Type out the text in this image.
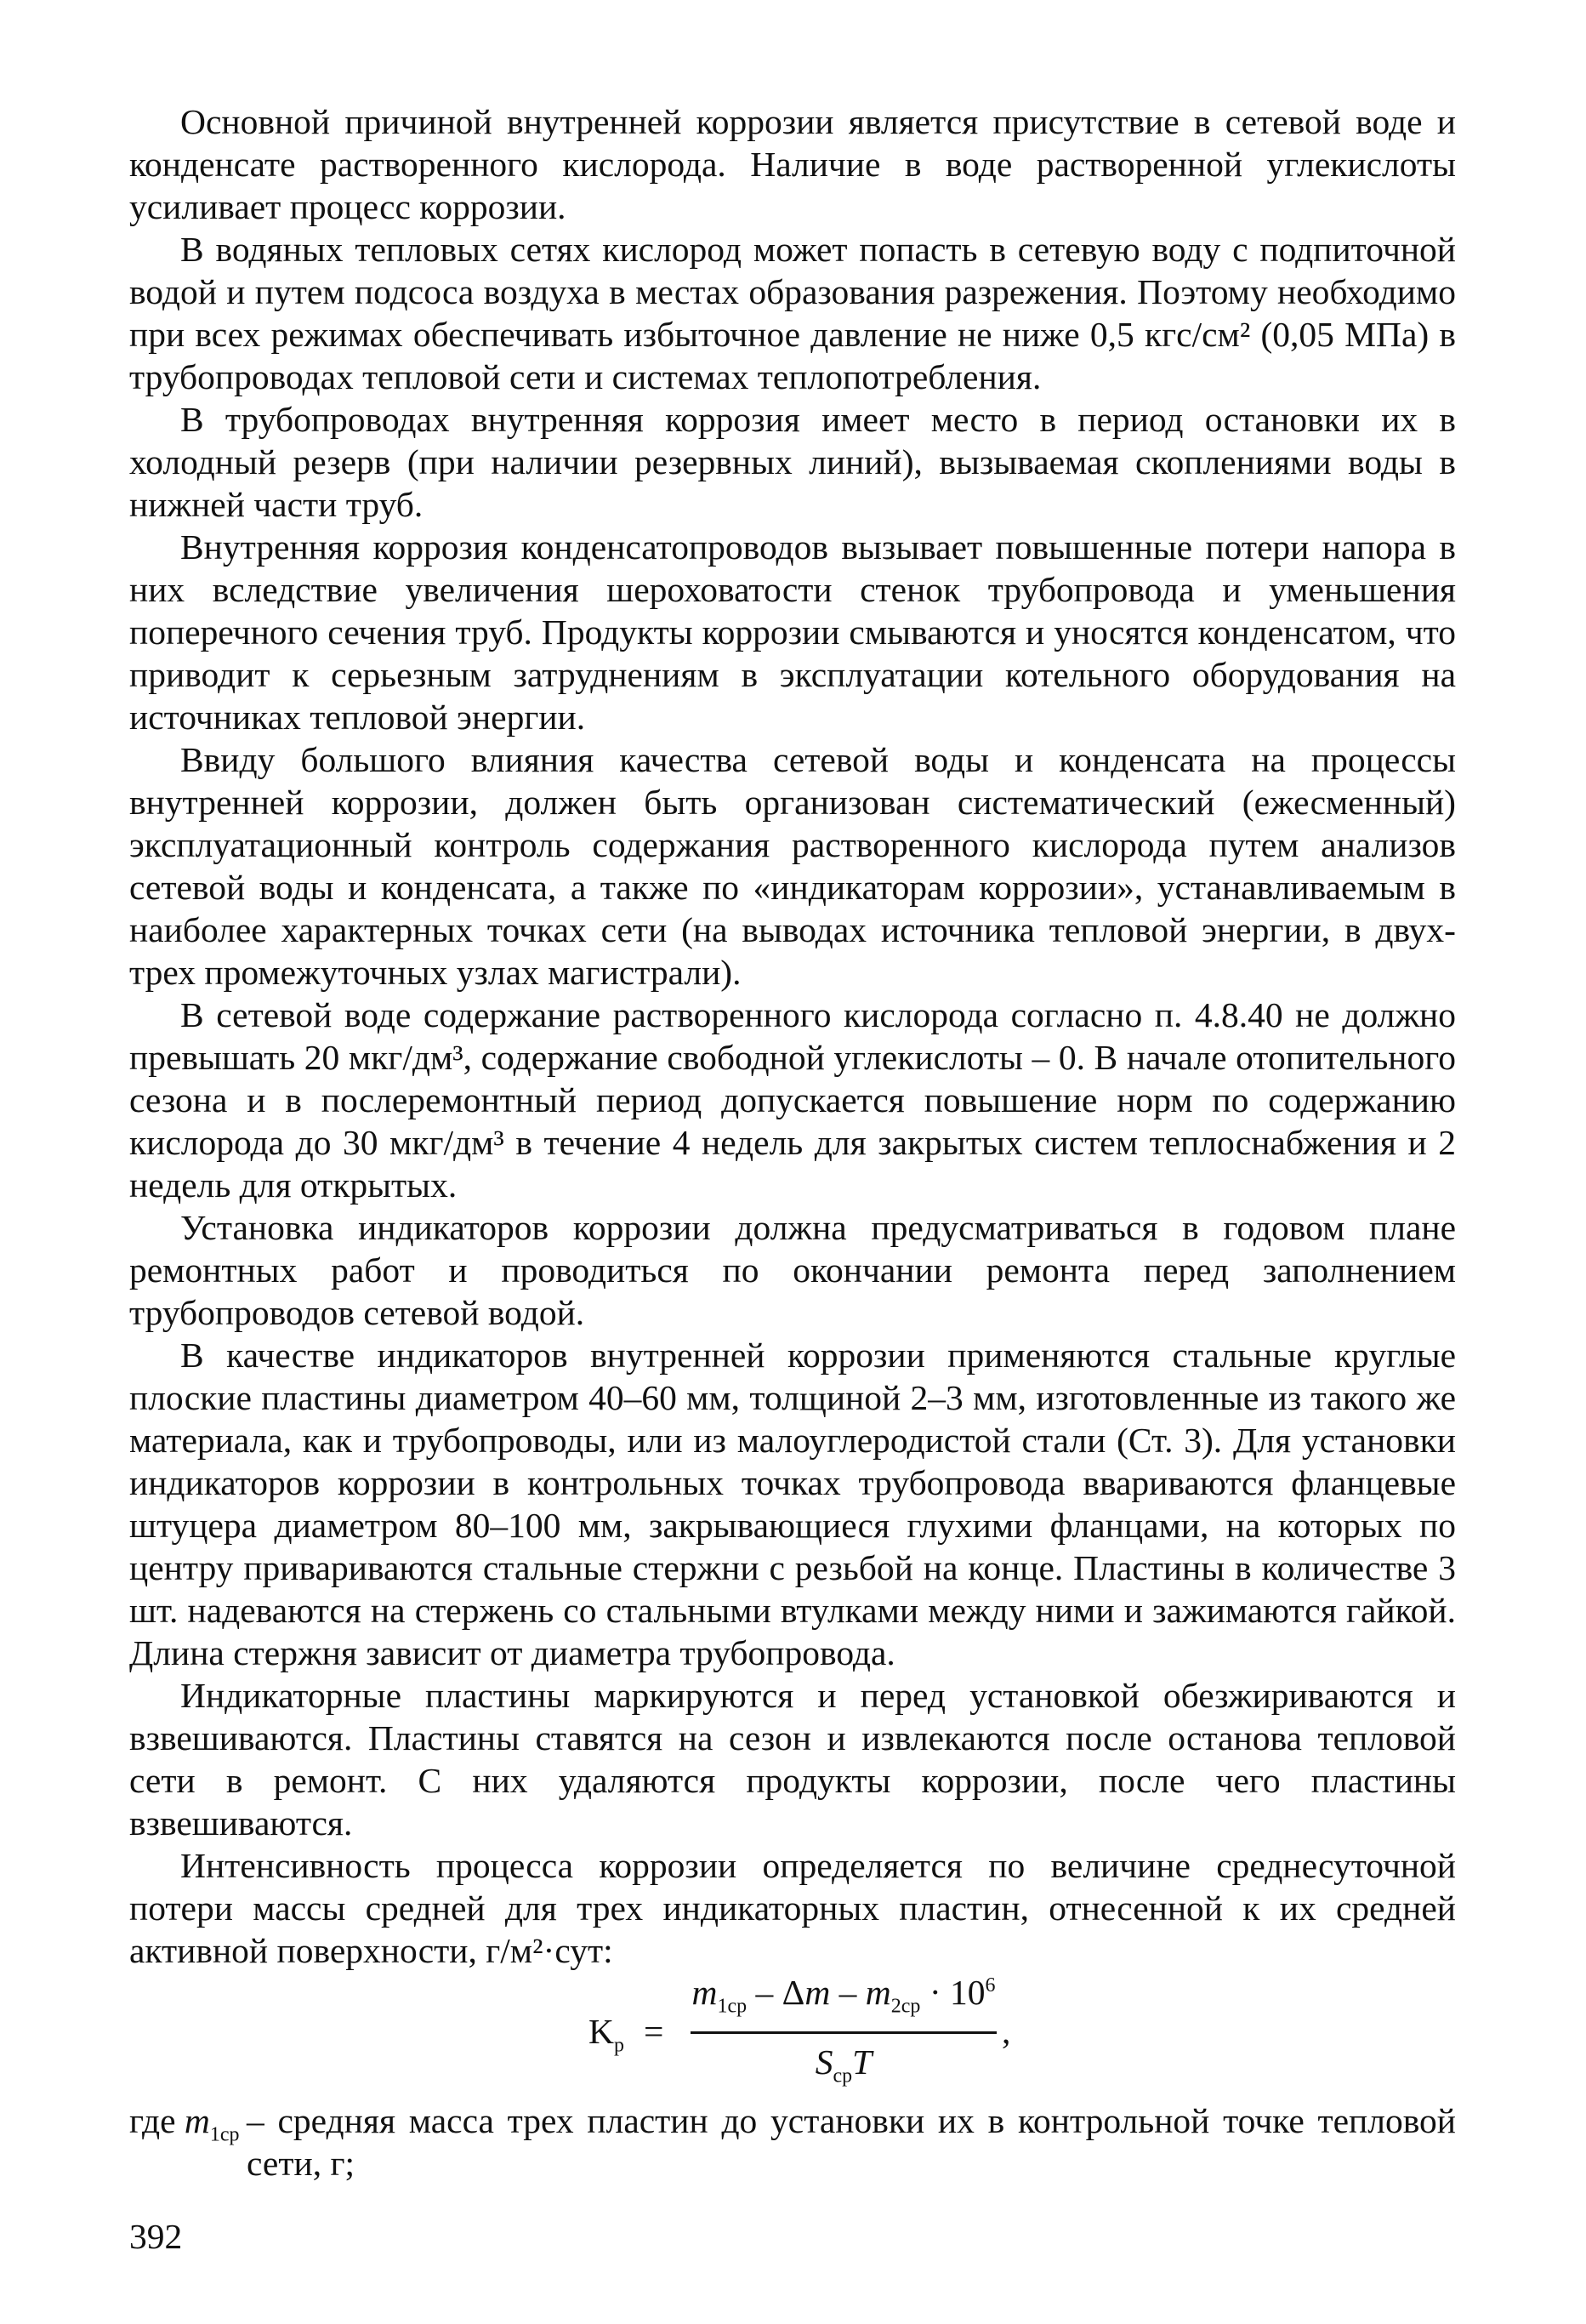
Основной причиной внутренней коррозии является присутствие в сетевой воде и конденсате растворенного кислорода. Наличие в воде растворенной углекислоты усиливает процесс коррозии.

В водяных тепловых сетях кислород может попасть в сетевую воду с подпиточной водой и путем подсоса воздуха в местах образования разрежения. Поэтому необходимо при всех режимах обеспечивать избыточное давление не ниже 0,5 кгс/см² (0,05 МПа) в трубопроводах тепловой сети и системах теплопотребления.

В трубопроводах внутренняя коррозия имеет место в период остановки их в холодный резерв (при наличии резервных линий), вызываемая скоплениями воды в нижней части труб.

Внутренняя коррозия конденсатопроводов вызывает повышенные потери напора в них вследствие увеличения шероховатости стенок трубопровода и уменьшения поперечного сечения труб. Продукты коррозии смываются и уносятся конденсатом, что приводит к серьезным затруднениям в эксплуатации котельного оборудования на источниках тепловой энергии.

Ввиду большого влияния качества сетевой воды и конденсата на процессы внутренней коррозии, должен быть организован систематический (ежесменный) эксплуатационный контроль содержания растворенного кислорода путем анализов сетевой воды и конденсата, а также по «индикаторам коррозии», устанавливаемым в наиболее характерных точках сети (на выводах источника тепловой энергии, в двух-трех промежуточных узлах магистрали).

В сетевой воде содержание растворенного кислорода согласно п. 4.8.40 не должно превышать 20 мкг/дм³, содержание свободной углекислоты – 0. В начале отопительного сезона и в послеремонтный период допускается повышение норм по содержанию кислорода до 30 мкг/дм³ в течение 4 недель для закрытых систем теплоснабжения и 2 недель для открытых.

Установка индикаторов коррозии должна предусматриваться в годовом плане ремонтных работ и проводиться по окончании ремонта перед заполнением трубопроводов сетевой водой.

В качестве индикаторов внутренней коррозии применяются стальные круглые плоские пластины диаметром 40–60 мм, толщиной 2–3 мм, изготовленные из такого же материала, как и трубопроводы, или из малоуглеродистой стали (Ст. 3). Для установки индикаторов коррозии в контрольных точках трубопровода ввариваются фланцевые штуцера диаметром 80–100 мм, закрывающиеся глухими фланцами, на которых по центру привариваются стальные стержни с резьбой на конце. Пластины в количестве 3 шт. надеваются на стержень со стальными втулками между ними и зажимаются гайкой. Длина стержня зависит от диаметра трубопровода.

Индикаторные пластины маркируются и перед установкой обезжириваются и взвешиваются. Пластины ставятся на сезон и извлекаются после останова тепловой сети в ремонт. С них удаляются продукты коррозии, после чего пластины взвешиваются.

Интенсивность процесса коррозии определяется по величине среднесуточной потери массы средней для трех индикаторных пластин, отнесенной к их средней активной поверхности, г/м²·сут:

$K_р$ =
$m_{1ср} - \Delta m - m_{2ср} \cdot 10^6$
$S_{ср}T$
,
где $m_{1ср}$ – средняя масса трех пластин до установки их в контрольной точке тепловой сети, г;
392
